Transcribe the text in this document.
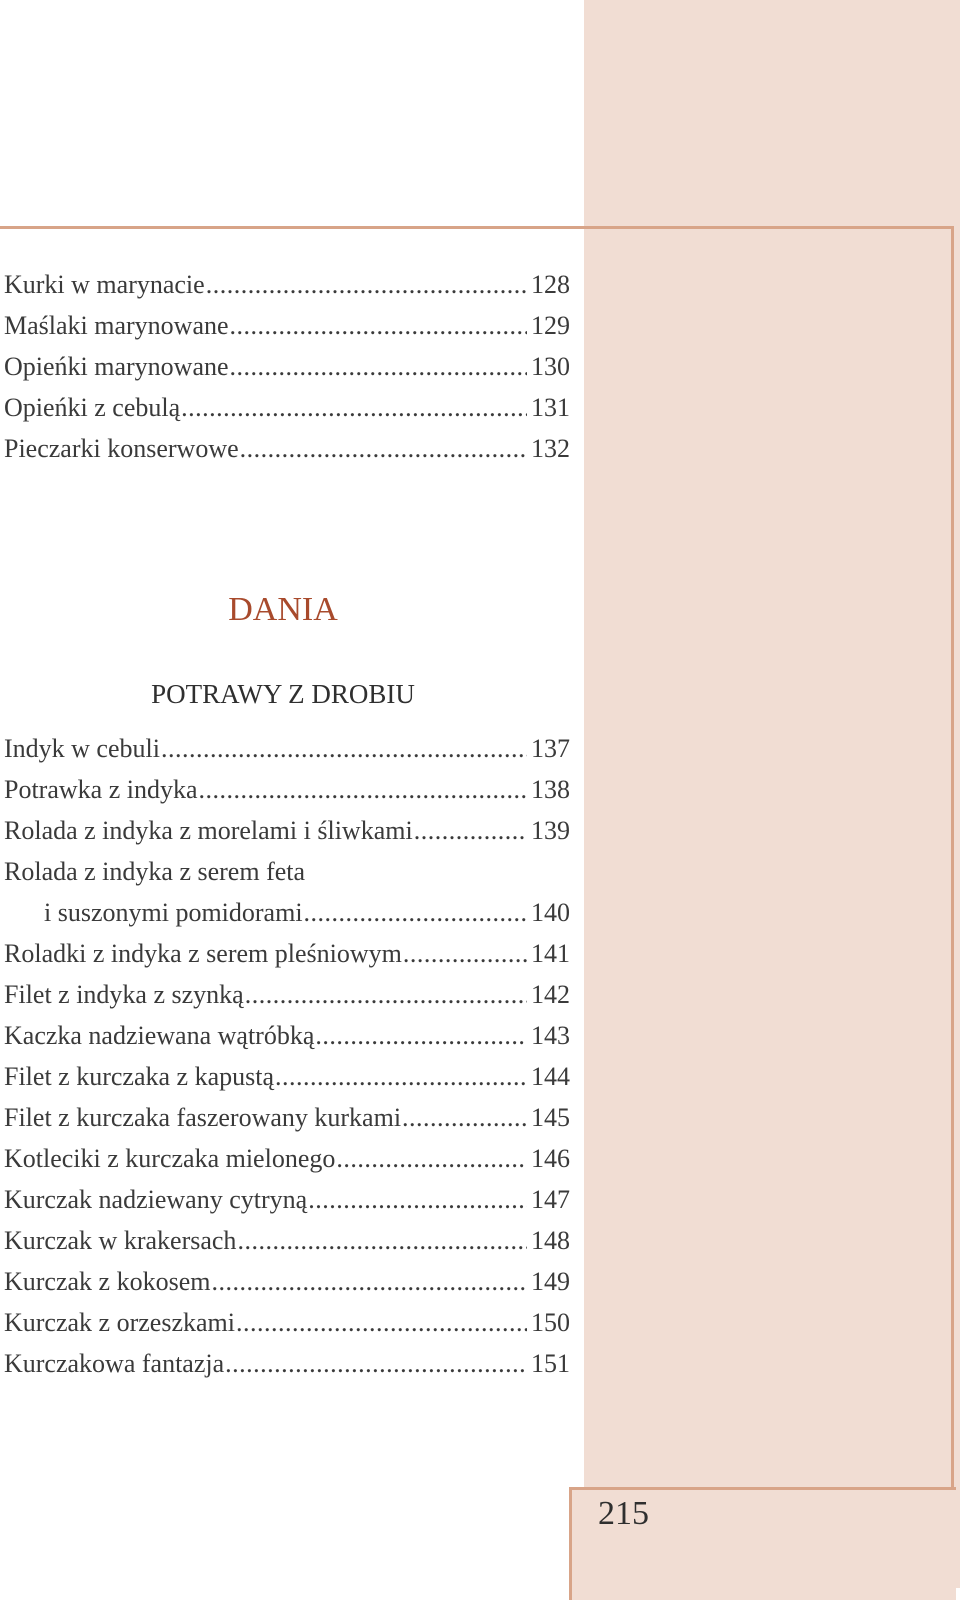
Kurki w marynacie . . .	128
Maślaki marynowane . . .	129
Opieńki marynowane . . .	130
Opieńki z cebulą . . .	131
Pieczarki konserwowe . . .	132
DANIA
POTRAWY Z DROBIU
Indyk w cebuli . . .	137
Potrawka z indyka . . .	138
Rolada z indyka z morelami i śliwkami . . .	139
Rolada z indyka z serem feta
i suszonymi pomidorami . . .	140
Roladki z indyka z serem pleśniowym . . .	141
Filet z indyka z szynką . . .	142
Kaczka nadziewana wątróbką . . .	143
Filet z kurczaka z kapustą . . .	144
Filet z kurczaka faszerowany kurkami . . .	145
Kotleciki z kurczaka mielonego . . .	146
Kurczak nadziewany cytryną . . .	147
Kurczak w krakersach . . .	148
Kurczak z kokosem . . .	149
Kurczak z orzeszkami . . .	150
Kurczakowa fantazja . . .	151
215
